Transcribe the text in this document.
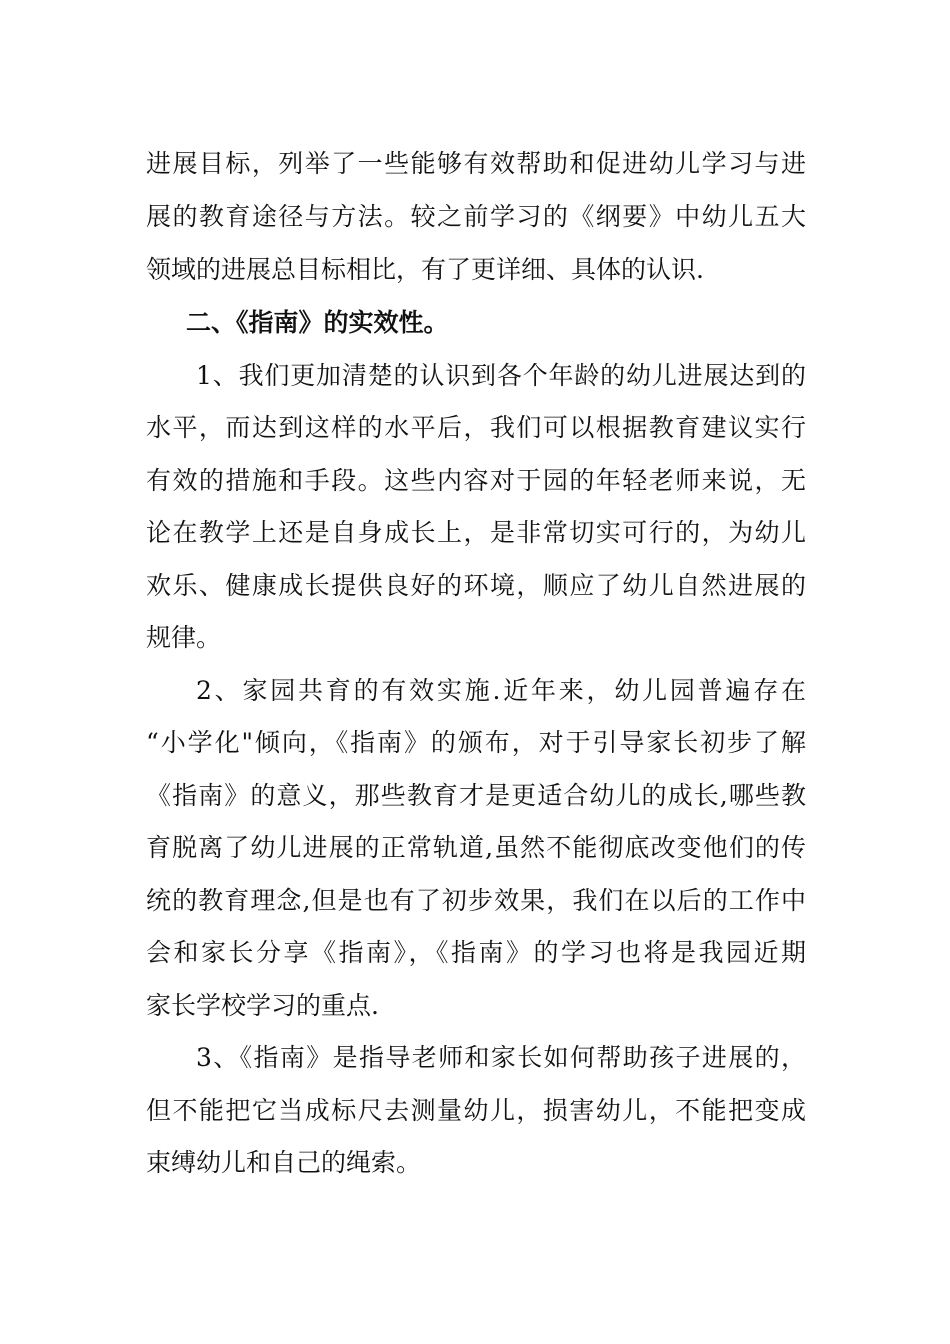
进展目标，列举了一些能够有效帮助和促进幼儿学习与进

展的教育途径与方法。较之前学习的《纲要》中幼儿五大

领域的进展总目标相比，有了更详细、具体的认识.

二、《指南》的实效性。

1、我们更加清楚的认识到各个年龄的幼儿进展达到的

水平，而达到这样的水平后，我们可以根据教育建议实行

有效的措施和手段。这些内容对于园的年轻老师来说，无

论在教学上还是自身成长上，是非常切实可行的，为幼儿

欢乐、健康成长提供良好的环境，顺应了幼儿自然进展的

规律。

2、家园共育的有效实施.近年来，幼儿园普遍存在

“小学化"倾向，《指南》的颁布，对于引导家长初步了解

《指南》的意义，那些教育才是更适合幼儿的成长,哪些教

育脱离了幼儿进展的正常轨道,虽然不能彻底改变他们的传

统的教育理念,但是也有了初步效果，我们在以后的工作中

会和家长分享《指南》，《指南》的学习也将是我园近期

家长学校学习的重点.

3、《指南》是指导老师和家长如何帮助孩子进展的，

但不能把它当成标尺去测量幼儿，损害幼儿，不能把变成

束缚幼儿和自己的绳索。
